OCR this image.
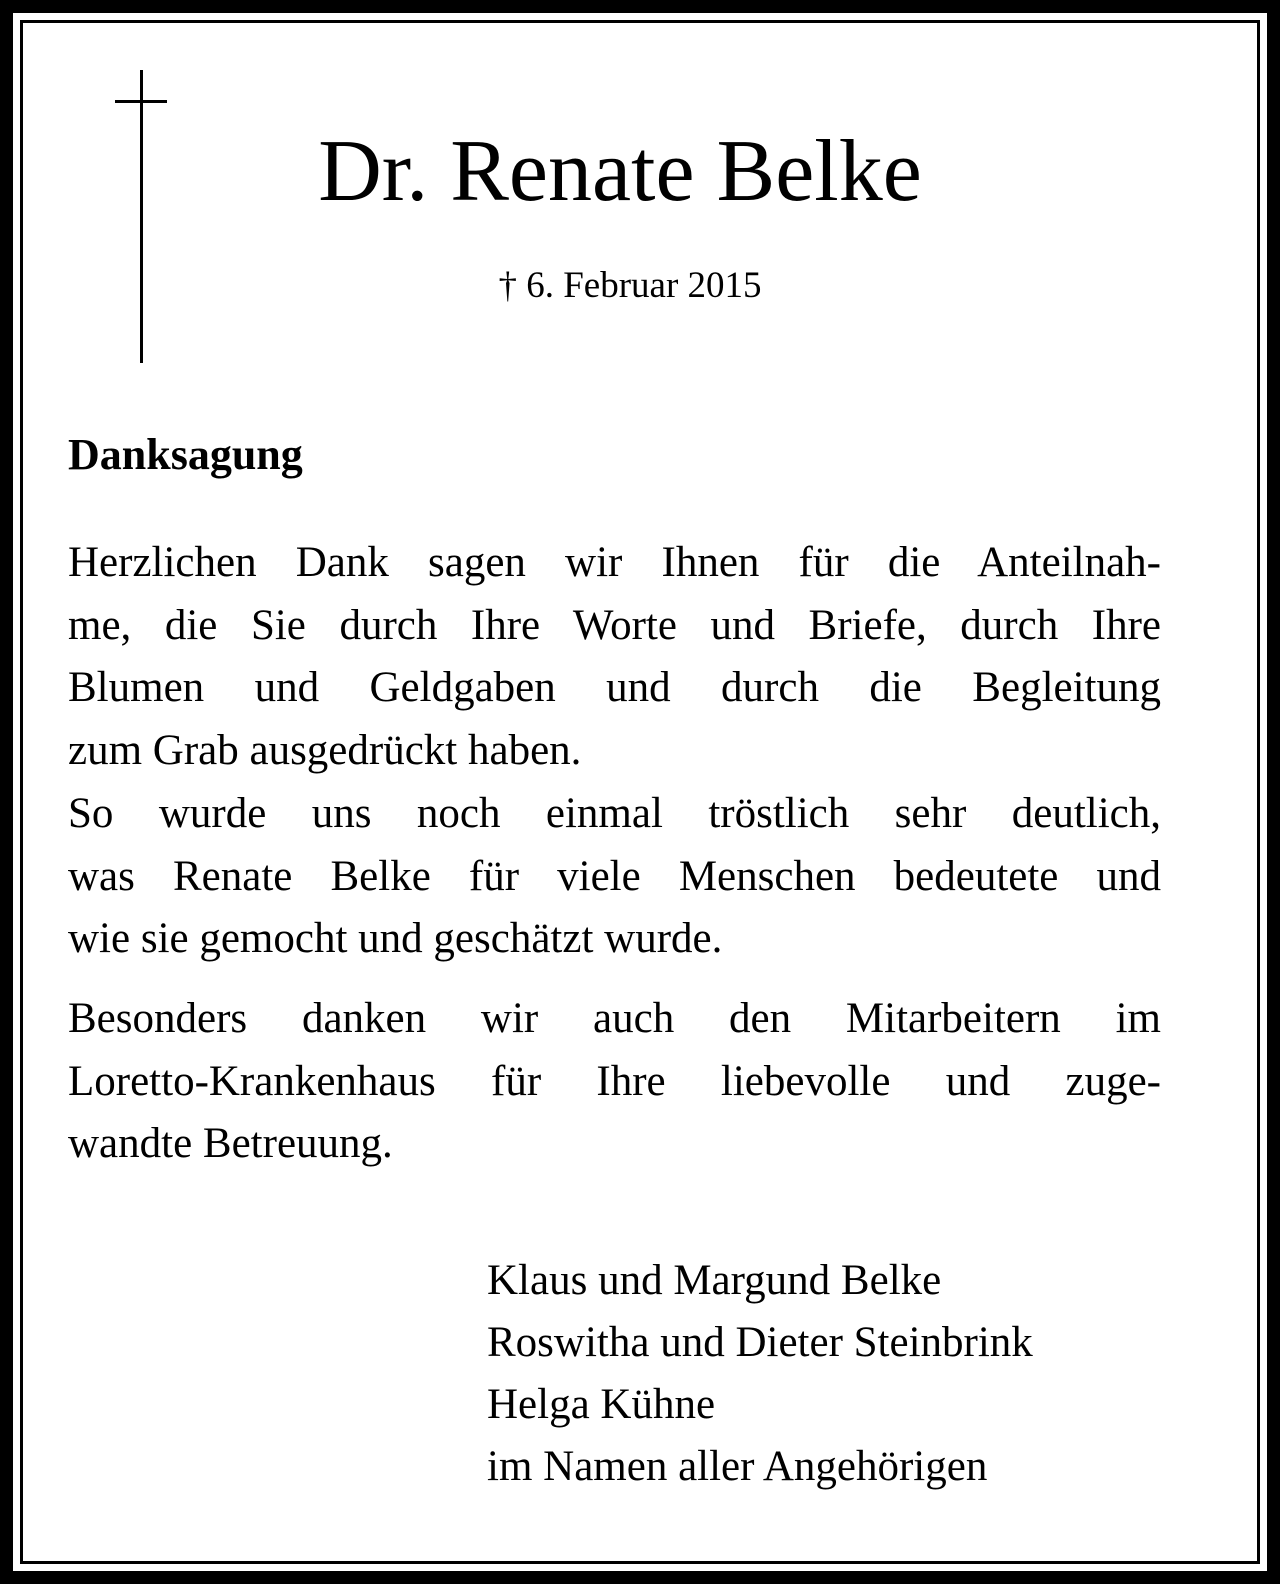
Dr. Renate Belke
† 6. Februar 2015
Danksagung
Herzlichen Dank sagen wir Ihnen für die Anteilnah-
me, die Sie durch Ihre Worte und Briefe, durch Ihre
Blumen und Geldgaben und durch die Begleitung
zum Grab ausgedrückt haben.
So wurde uns noch einmal tröstlich sehr deutlich,
was Renate Belke für viele Menschen bedeutete und
wie sie gemocht und geschätzt wurde.
Besonders danken wir auch den Mitarbeitern im
Loretto-Krankenhaus für Ihre liebevolle und zuge-
wandte Betreuung.
Klaus und Margund Belke
Roswitha und Dieter Steinbrink
Helga Kühne
im Namen aller Angehörigen
